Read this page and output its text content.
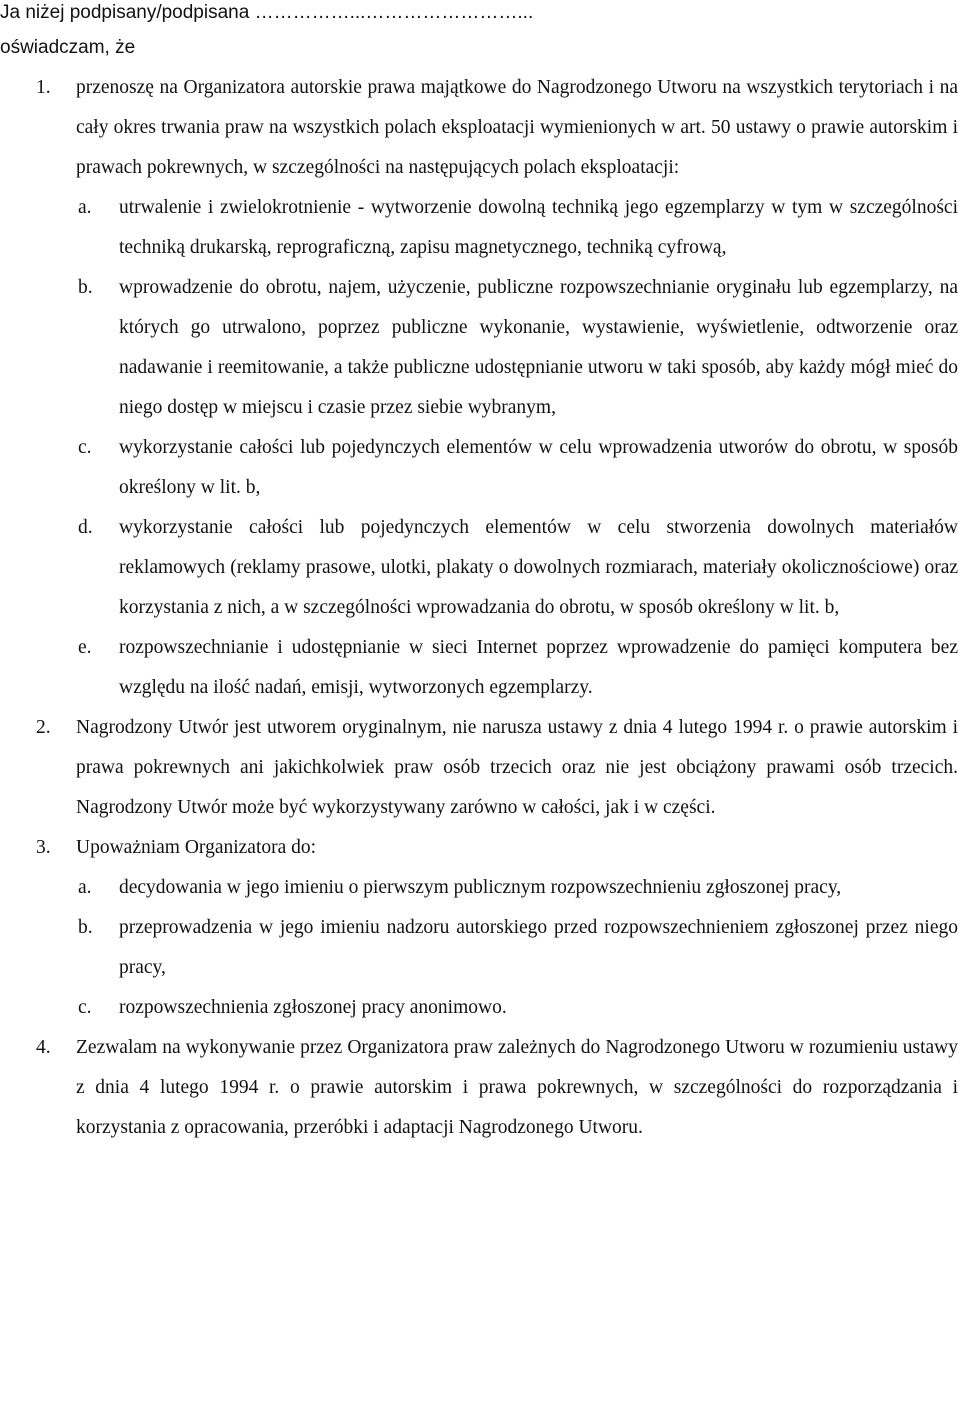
Ja niżej podpisany/podpisana ……………...……………………...
oświadczam, że
1. przenoszę na Organizatora autorskie prawa majątkowe do Nagrodzonego Utworu na wszystkich terytoriach i na cały okres trwania praw na wszystkich polach eksploatacji wymienionych w art. 50 ustawy o prawie autorskim i prawach pokrewnych, w szczególności na następujących polach eksploatacji:
a. utrwalenie i zwielokrotnienie - wytworzenie dowolną techniką jego egzemplarzy w tym w szczególności techniką drukarską, reprograficzną, zapisu magnetycznego, techniką cyfrową,
b. wprowadzenie do obrotu, najem, użyczenie, publiczne rozpowszechnianie oryginału lub egzemplarzy, na których go utrwalono, poprzez publiczne wykonanie, wystawienie, wyświetlenie, odtworzenie oraz nadawanie i reemitowanie, a także publiczne udostępnianie utworu w taki sposób, aby każdy mógł mieć do niego dostęp w miejscu i czasie przez siebie wybranym,
c. wykorzystanie całości lub pojedynczych elementów w celu wprowadzenia utworów do obrotu, w sposób określony w lit. b,
d. wykorzystanie całości lub pojedynczych elementów w celu stworzenia dowolnych materiałów reklamowych (reklamy prasowe, ulotki, plakaty o dowolnych rozmiarach, materiały okolicznościowe) oraz korzystania z nich, a w szczególności wprowadzania do obrotu, w sposób określony w lit. b,
e. rozpowszechnianie i udostępnianie w sieci Internet poprzez wprowadzenie do pamięci komputera bez względu na ilość nadań, emisji, wytworzonych egzemplarzy.
2. Nagrodzony Utwór jest utworem oryginalnym, nie narusza ustawy z dnia 4 lutego 1994 r. o prawie autorskim i prawa pokrewnych ani jakichkolwiek praw osób trzecich oraz nie jest obciążony prawami osób trzecich. Nagrodzony Utwór może być wykorzystywany zarówno w całości, jak i w części.
3. Upoważniam Organizatora do:
a. decydowania w jego imieniu o pierwszym publicznym rozpowszechnieniu zgłoszonej pracy,
b. przeprowadzenia w jego imieniu nadzoru autorskiego przed rozpowszechnieniem zgłoszonej przez niego pracy,
c. rozpowszechnienia zgłoszonej pracy anonimowo.
4. Zezwalam na wykonywanie przez Organizatora praw zależnych do Nagrodzonego Utworu w rozumieniu ustawy z dnia 4 lutego 1994 r. o prawie autorskim i prawa pokrewnych, w szczególności do rozporządzania i korzystania z opracowania, przeróbki i adaptacji Nagrodzonego Utworu.
